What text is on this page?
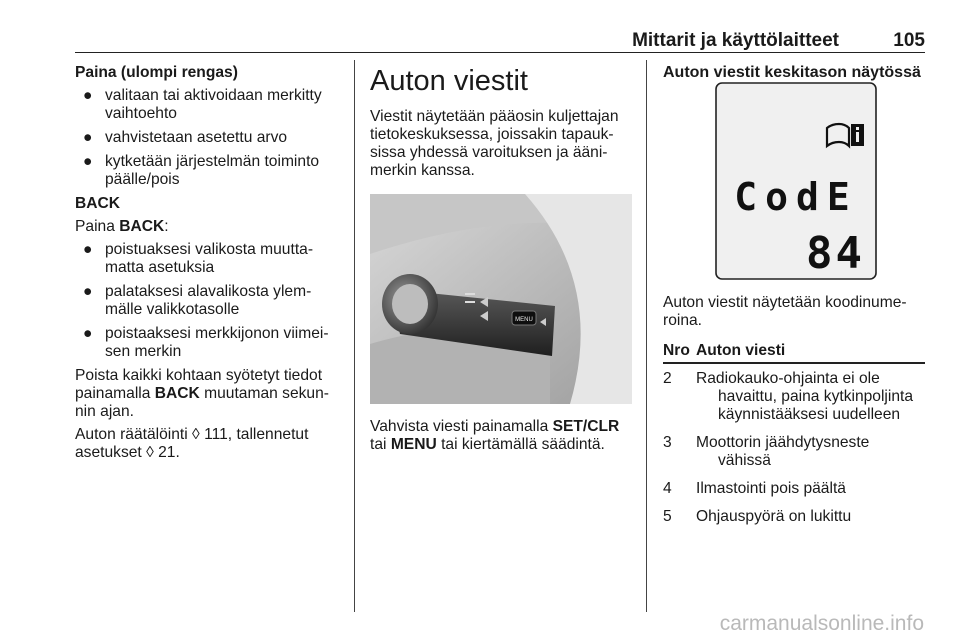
Mittarit ja käyttölaitteet	105

Paina (ulompi rengas)

● valitaan tai aktivoidaan merkitty
vaihtoehto
● vahvistetaan asetettu arvo
● kytketään järjestelmän toiminto
päälle/pois

BACK

Paina BACK:

● poistuaksesi valikosta muutta-
matta asetuksia
● palataksesi alavalikosta ylem-
mälle valikkotasolle
● poistaaksesi merkkijonon viimei-
sen merkin

Poista kaikki kohtaan syötetyt tiedot
painamalla BACK muutaman sekun-
nin ajan.

Auton räätälöinti ◊ 111, tallennetut
asetukset ◊ 21.

Auton viestit

Viestit näytetään pääosin kuljettajan
tietokeskuksessa, joissakin tapauk-
sissa yhdessä varoituksen ja ääni-
merkin kanssa.

MENU

Vahvista viesti painamalla SET/CLR
tai MENU tai kiertämällä säädintä.

Auton viestit keskitason näytössä

CodE
84

Auton viestit näytetään koodinume-
roina.

Nro	Auton viesti
2	Radiokauko-ohjainta ei ole

havaittu, paina kytkinpoljinta
käynnistääksesi uudelleen

3	Moottorin jäähdytysneste

vähissä

4	Ilmastointi pois päältä
5	Ohjauspyörä on lukittu
carmanualsonline.info
